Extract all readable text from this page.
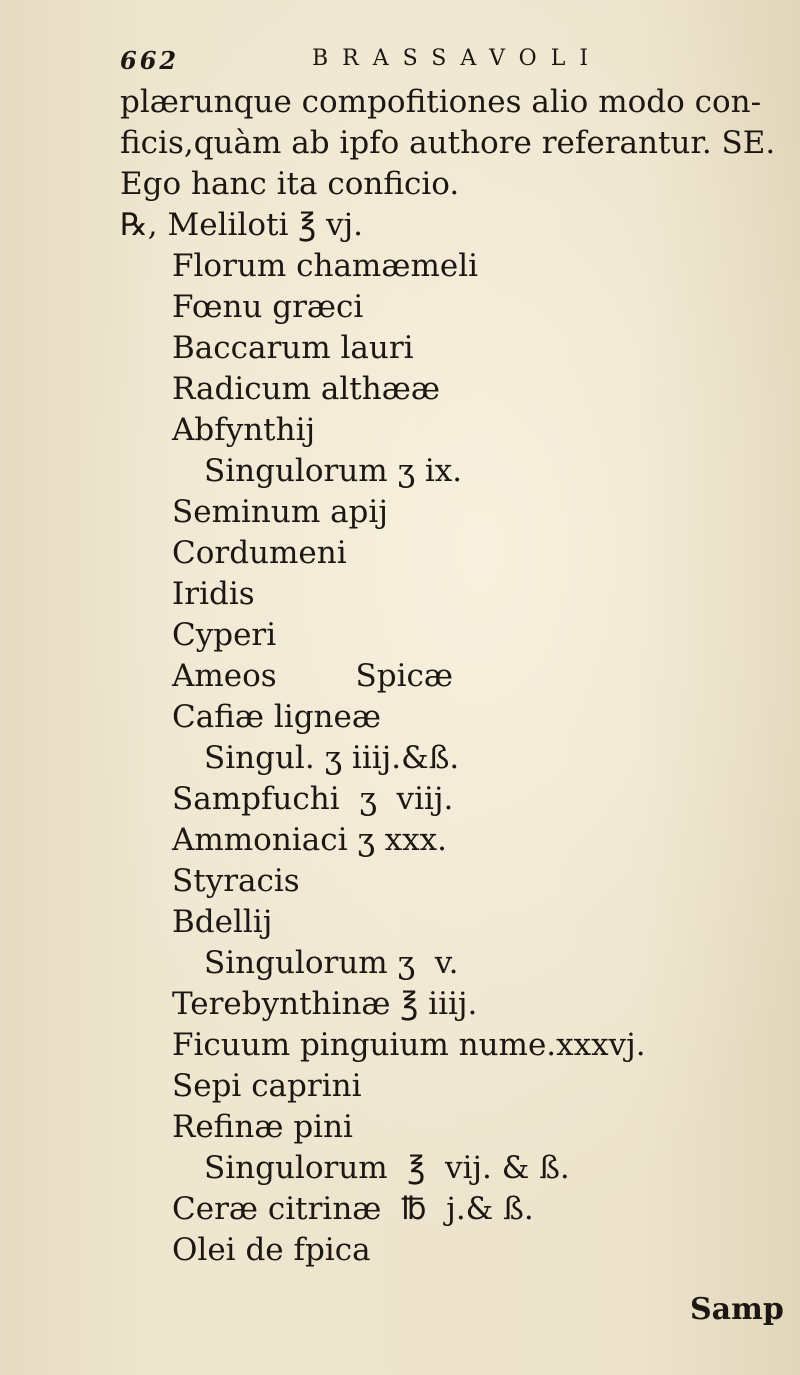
662	BRASSAVOLI
plærunque compofitiones alio modo con-
ficis,quàm ab ipfo authore referantur. SE.
Ego hanc ita conficio.
℞, Meliloti ℥ vj.
Florum chamæmeli
Fœnu græci
Baccarum lauri
Radicum althææ
Abfynthij
Singulorum ʒ ix.
Seminum apij
Cordumeni
Iridis
Cyperi
Ameos        Spicæ
Cafiæ ligneæ
Singul. ʒ iiij.&ß.
Sampfuchi  ʒ  viij.
Ammoniaci ʒ xxx.
Styracis
Bdellij
Singulorum ʒ  v.
Terebynthinæ ℥ iiij.
Ficuum pinguium nume.xxxvj.
Sepi caprini
Refinæ pini
Singulorum  ℥  vij. & ß.
Ceræ citrinæ  ℔  j.& ß.
Olei de fpica
Samp
